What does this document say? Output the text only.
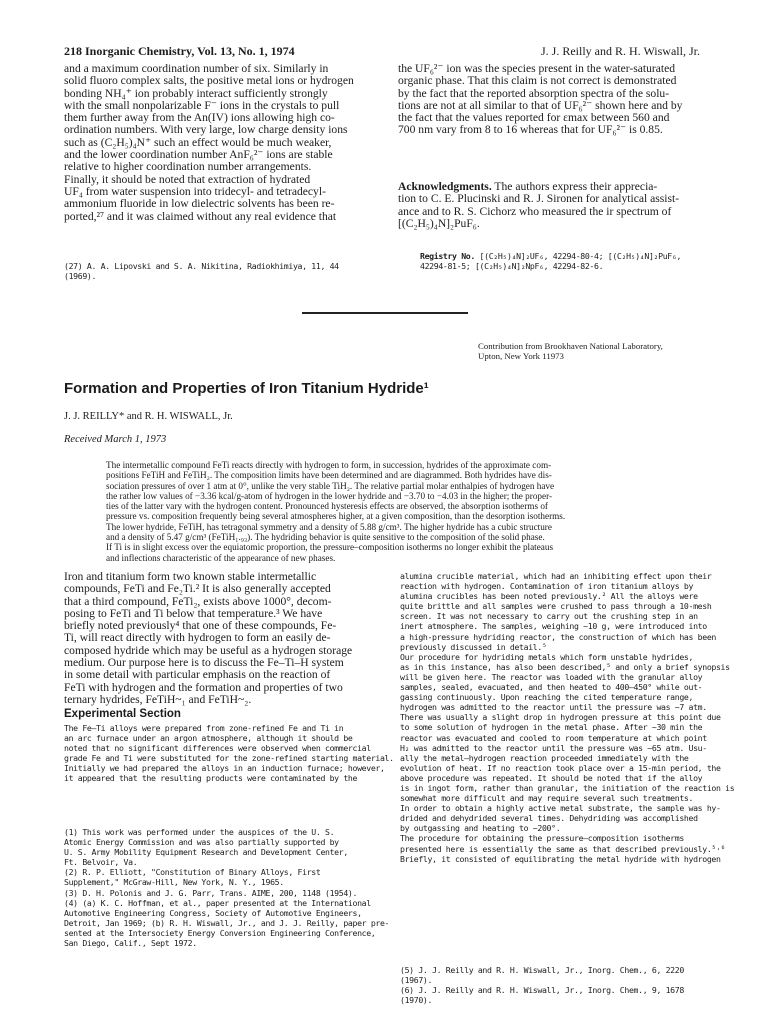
218 Inorganic Chemistry, Vol. 13, No. 1, 1974	J. J. Reilly and R. H. Wiswall, Jr.
and a maximum coordination number of six. Similarly in
solid fluoro complex salts, the positive metal ions or hydrogen
bonding NH₄⁺ ion probably interact sufficiently strongly
with the small nonpolarizable F⁻ ions in the crystals to pull
them further away from the An(IV) ions allowing high co-
ordination numbers. With very large, low charge density ions
such as (C₂H₅)₄N⁺ such an effect would be much weaker,
and the lower coordination number AnF₆²⁻ ions are stable
relative to higher coordination number arrangements.
Finally, it should be noted that extraction of hydrated
UF₄ from water suspension into tridecyl- and tetradecyl-
ammonium fluoride in low dielectric solvents has been re-
ported,²⁷ and it was claimed without any real evidence that
(27) A. A. Lipovski and S. A. Nikitina, Radiokhimiya, 11, 44
(1969).
the UF₆²⁻ ion was the species present in the water-saturated
organic phase. That this claim is not correct is demonstrated
by the fact that the reported absorption spectra of the solu-
tions are not at all similar to that of UF₆²⁻ shown here and by
the fact that the values reported for εmax between 560 and
700 nm vary from 8 to 16 whereas that for UF₆²⁻ is 0.85.
Acknowledgments. The authors express their apprecia-
tion to C. E. Plucinski and R. J. Sironen for analytical assist-
ance and to R. S. Cichorz who measured the ir spectrum of
[(C₂H₅)₄N]₂PuF₆.
Registry No. [(C₂H₅)₄N]₂UF₆, 42294-80-4; [(C₂H₅)₄N]₂PuF₆,
42294-81-5; [(C₂H₅)₄N]₂NpF₆, 42294-82-6.
Contribution from Brookhaven National Laboratory,
Upton, New York 11973
Formation and Properties of Iron Titanium Hydride¹
J. J. REILLY* and R. H. WISWALL, Jr.
Received March 1, 1973
The intermetallic compound FeTi reacts directly with hydrogen to form, in succession, hydrides of the approximate com-
positions FeTiH and FeTiH₂. The composition limits have been determined and are diagrammed. Both hydrides have dis-
sociation pressures of over 1 atm at 0°, unlike the very stable TiH₂. The relative partial molar enthalpies of hydrogen have
the rather low values of −3.36 kcal/g-atom of hydrogen in the lower hydride and −3.70 to −4.03 in the higher; the proper-
ties of the latter vary with the hydrogen content. Pronounced hysteresis effects are observed, the absorption isotherms of
pressure vs. composition frequently being several atmospheres higher, at a given composition, than the desorption isotherms.
The lower hydride, FeTiH, has tetragonal symmetry and a density of 5.88 g/cm³. The higher hydride has a cubic structure
and a density of 5.47 g/cm³ (FeTiH₁.₉₃). The hydriding behavior is quite sensitive to the composition of the solid phase.
If Ti is in slight excess over the equiatomic proportion, the pressure–composition isotherms no longer exhibit the plateaus
and inflections characteristic of the appearance of new phases.
Iron and titanium form two known stable intermetallic
compounds, FeTi and Fe₂Ti.² It is also generally accepted
that a third compound, FeTi₂, exists above 1000°, decom-
posing to FeTi and Ti below that temperature.³ We have
briefly noted previously⁴ that one of these compounds, Fe-
Ti, will react directly with hydrogen to form an easily de-
composed hydride which may be useful as a hydrogen storage
medium. Our purpose here is to discuss the Fe–Ti–H system
in some detail with particular emphasis on the reaction of
FeTi with hydrogen and the formation and properties of two
ternary hydrides, FeTiH~₁ and FeTiH~₂.
Experimental Section
The Fe–Ti alloys were prepared from zone-refined Fe and Ti in
an arc furnace under an argon atmosphere, although it should be
noted that no significant differences were observed when commercial
grade Fe and Ti were substituted for the zone-refined starting material.
Initially we had prepared the alloys in an induction furnace; however,
it appeared that the resulting products were contaminated by the
(1) This work was performed under the auspices of the U. S.
Atomic Energy Commission and was also partially supported by
U. S. Army Mobility Equipment Research and Development Center,
Ft. Belvoir, Va.
(2) R. P. Elliott, "Constitution of Binary Alloys, First
Supplement," McGraw-Hill, New York, N. Y., 1965.
(3) D. H. Polonis and J. G. Parr, Trans. AIME, 200, 1148 (1954).
(4) (a) K. C. Hoffman, et al., paper presented at the International
Automotive Engineering Congress, Society of Automotive Engineers,
Detroit, Jan 1969; (b) R. H. Wiswall, Jr., and J. J. Reilly, paper pre-
sented at the Intersociety Energy Conversion Engineering Conference,
San Diego, Calif., Sept 1972.
alumina crucible material, which had an inhibiting effect upon their
reaction with hydrogen. Contamination of iron titanium alloys by
alumina crucibles has been noted previously.² All the alloys were
quite brittle and all samples were crushed to pass through a 10-mesh
screen. It was not necessary to carry out the crushing step in an
inert atmosphere. The samples, weighing ~10 g, were introduced into
a high-pressure hydriding reactor, the construction of which has been
previously discussed in detail.⁵
Our procedure for hydriding metals which form unstable hydrides,
as in this instance, has also been described,⁵ and only a brief synopsis
will be given here. The reactor was loaded with the granular alloy
samples, sealed, evacuated, and then heated to 400–450° while out-
gassing continuously. Upon reaching the cited temperature range,
hydrogen was admitted to the reactor until the pressure was ~7 atm.
There was usually a slight drop in hydrogen pressure at this point due
to some solution of hydrogen in the metal phase. After ~30 min the
reactor was evacuated and cooled to room temperature at which point
H₂ was admitted to the reactor until the pressure was ~65 atm. Usu-
ally the metal–hydrogen reaction proceeded immediately with the
evolution of heat. If no reaction took place over a 15-min period, the
above procedure was repeated. It should be noted that if the alloy
is in ingot form, rather than granular, the initiation of the reaction is
somewhat more difficult and may require several such treatments.
In order to obtain a highly active metal substrate, the sample was hy-
drided and dehydrided several times. Dehydriding was accomplished
by outgassing and heating to ~200°.
The procedure for obtaining the pressure–composition isotherms
presented here is essentially the same as that described previously.⁵˒⁶
Briefly, it consisted of equilibrating the metal hydride with hydrogen
(5) J. J. Reilly and R. H. Wiswall, Jr., Inorg. Chem., 6, 2220
(1967).
(6) J. J. Reilly and R. H. Wiswall, Jr., Inorg. Chem., 9, 1678
(1970).
